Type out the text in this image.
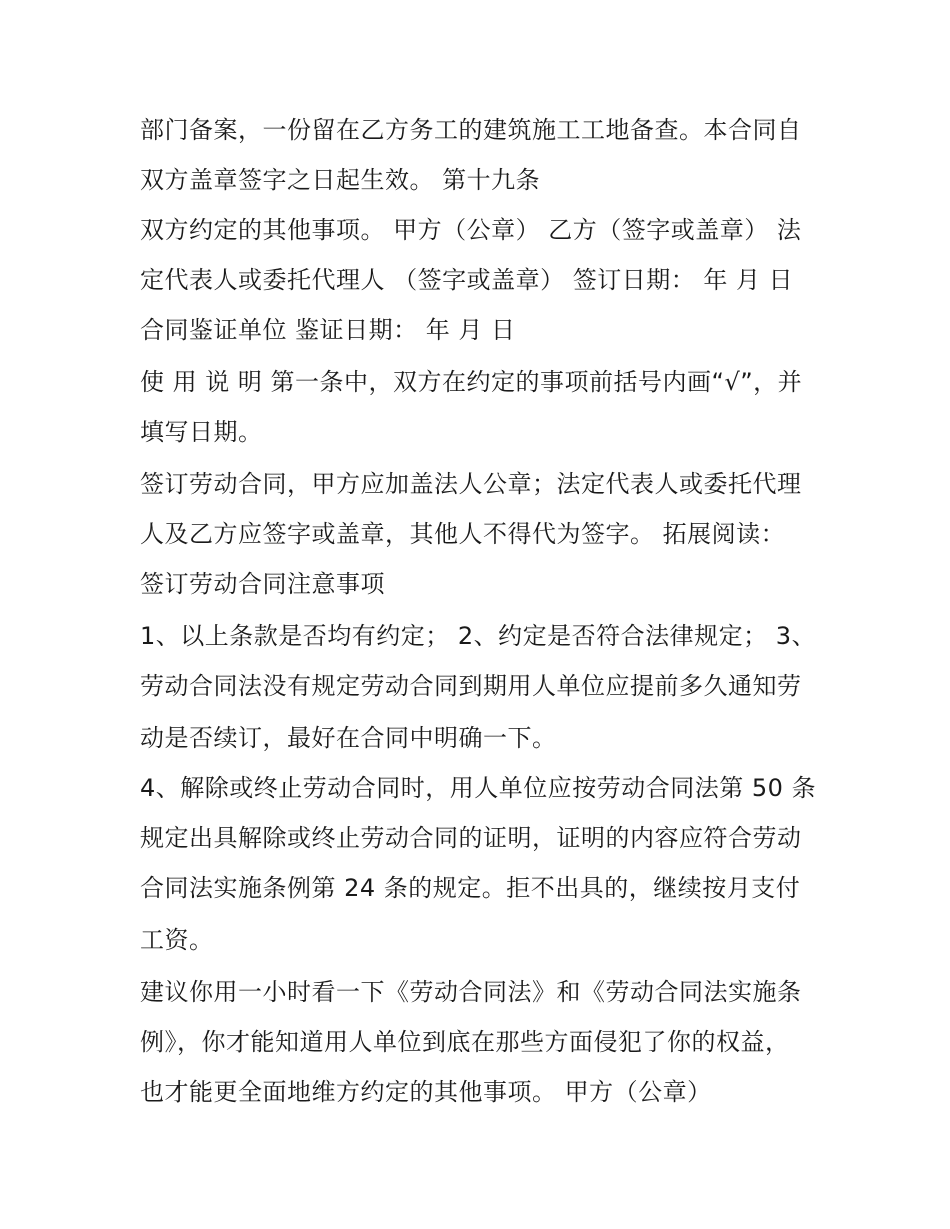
部门备案，一份留在乙方务工的建筑施工工地备查。本合同自
双方盖章签字之日起生效。 第十九条
双方约定的其他事项。 甲方（公章） 乙方（签字或盖章） 法
定代表人或委托代理人 （签字或盖章） 签订日期： 年 月 日
合同鉴证单位 鉴证日期： 年 月 日
使 用 说 明 第一条中，双方在约定的事项前括号内画“√”，并
填写日期。
签订劳动合同，甲方应加盖法人公章；法定代表人或委托代理
人及乙方应签字或盖章，其他人不得代为签字。 拓展阅读：
签订劳动合同注意事项
1、以上条款是否均有约定； 2、约定是否符合法律规定； 3、
劳动合同法没有规定劳动合同到期用人单位应提前多久通知劳
动是否续订，最好在合同中明确一下。
4、解除或终止劳动合同时，用人单位应按劳动合同法第 50 条
规定出具解除或终止劳动合同的证明，证明的内容应符合劳动
合同法实施条例第 24 条的规定。拒不出具的，继续按月支付
工资。
建议你用一小时看一下《劳动合同法》和《劳动合同法实施条
例》，你才能知道用人单位到底在那些方面侵犯了你的权益，
也才能更全面地维方约定的其他事项。 甲方（公章）
